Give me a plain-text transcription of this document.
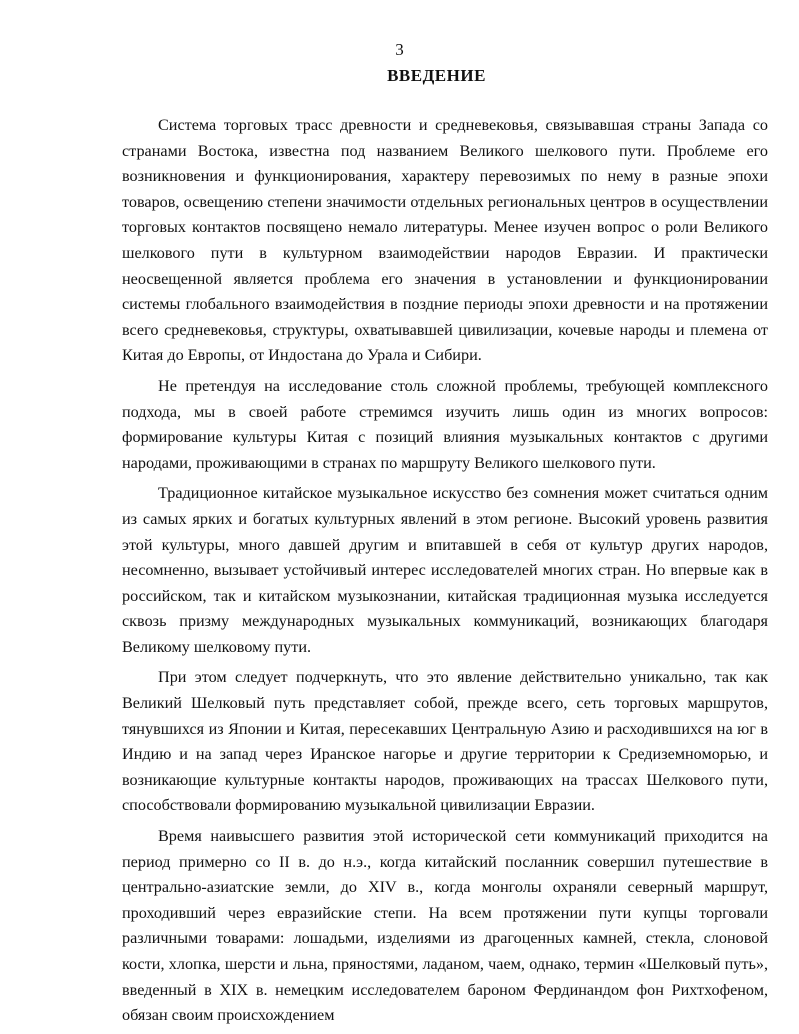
3
ВВЕДЕНИЕ

Система торговых трасс древности и средневековья, связывавшая страны Запада со странами Востока, известна под названием Великого шелкового пути. Проблеме его возникновения и функционирования, характеру перевозимых по нему в разные эпохи товаров, освещению степени значимости отдельных региональных центров в осуществлении торговых контактов посвящено немало литературы. Менее изучен вопрос о роли Великого шелкового пути в культурном взаимодействии народов Евразии. И практически неосвещенной является проблема его значения в установлении и функционировании системы глобального взаимодействия в поздние периоды эпохи древности и на протяжении всего средневековья, структуры, охватывавшей цивилизации, кочевые народы и племена от Китая до Европы, от Индостана до Урала и Сибири.

Не претендуя на исследование столь сложной проблемы, требующей комплексного подхода, мы в своей работе стремимся изучить лишь один из многих вопросов: формирование культуры Китая с позиций влияния музыкальных контактов с другими народами, проживающими в странах по маршруту Великого шелкового пути.

Традиционное китайское музыкальное искусство без сомнения может считаться одним из самых ярких и богатых культурных явлений в этом регионе. Высокий уровень развития этой культуры, много давшей другим и впитавшей в себя от культур других народов, несомненно, вызывает устойчивый интерес исследователей многих стран. Но впервые как в российском, так и китайском музыкознании, китайская традиционная музыка исследуется сквозь призму международных музыкальных коммуникаций, возникающих благодаря Великому шелковому пути.

При этом следует подчеркнуть, что это явление действительно уникально, так как Великий Шелковый путь представляет собой, прежде всего, сеть торговых маршрутов, тянувшихся из Японии и Китая, пересекавших Центральную Азию и расходившихся на юг в Индию и на запад через Иранское нагорье и другие территории к Средиземноморью, и возникающие культурные контакты народов, проживающих на трассах Шелкового пути, способствовали формированию музыкальной цивилизации Евразии.

Время наивысшего развития этой исторической сети коммуникаций приходится на период примерно со II в. до н.э., когда китайский посланник совершил путешествие в центрально-азиатские земли, до XIV в., когда монголы охраняли северный маршрут, проходивший через евразийские степи. На всем протяжении пути купцы торговали различными товарами: лошадьми, изделиями из драгоценных камней, стекла, слоновой кости, хлопка, шерсти и льна, пряностями, ладаном, чаем, однако, термин «Шелковый путь», введенный в XIX в. немецким исследователем бароном Фердинандом фон Рихтхофеном, обязан своим происхождением
